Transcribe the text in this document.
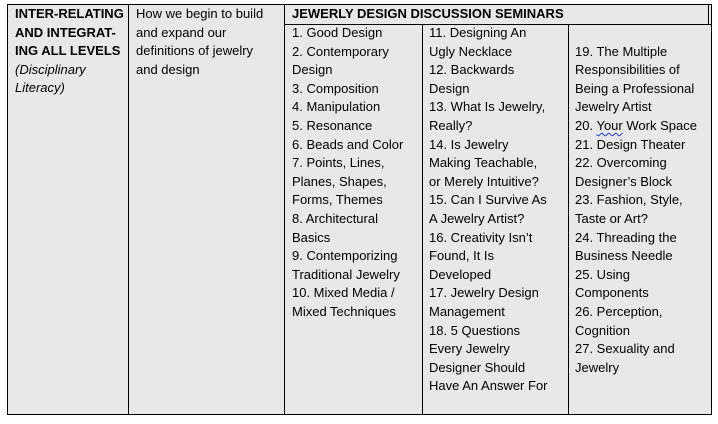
INTER-RELATING
AND INTEGRAT-
ING ALL LEVELS
(Disciplinary
Literacy)
How we begin to build
and expand our
definitions of jewelry
and design
JEWERLY DESIGN DISCUSSION SEMINARS
1. Good Design
2. Contemporary
Design
3. Composition
4. Manipulation
5. Resonance
6. Beads and Color
7. Points, Lines,
Planes, Shapes,
Forms, Themes
8. Architectural
Basics
9. Contemporizing
Traditional Jewelry
10. Mixed Media /
Mixed Techniques
11. Designing An
Ugly Necklace
12. Backwards
Design
13. What Is Jewelry,
Really?
14. Is Jewelry
Making Teachable,
or Merely Intuitive?
15. Can I Survive As
A Jewelry Artist?
16. Creativity Isn’t
Found, It Is
Developed
17. Jewelry Design
Management
18. 5 Questions
Every Jewelry
Designer Should
Have An Answer For
19. The Multiple
Responsibilities of
Being a Professional
Jewelry Artist
20. Your Work Space
21. Design Theater
22. Overcoming
Designer’s Block
23. Fashion, Style,
Taste or Art?
24. Threading the
Business Needle
25. Using
Components
26. Perception,
Cognition
27. Sexuality and
Jewelry
